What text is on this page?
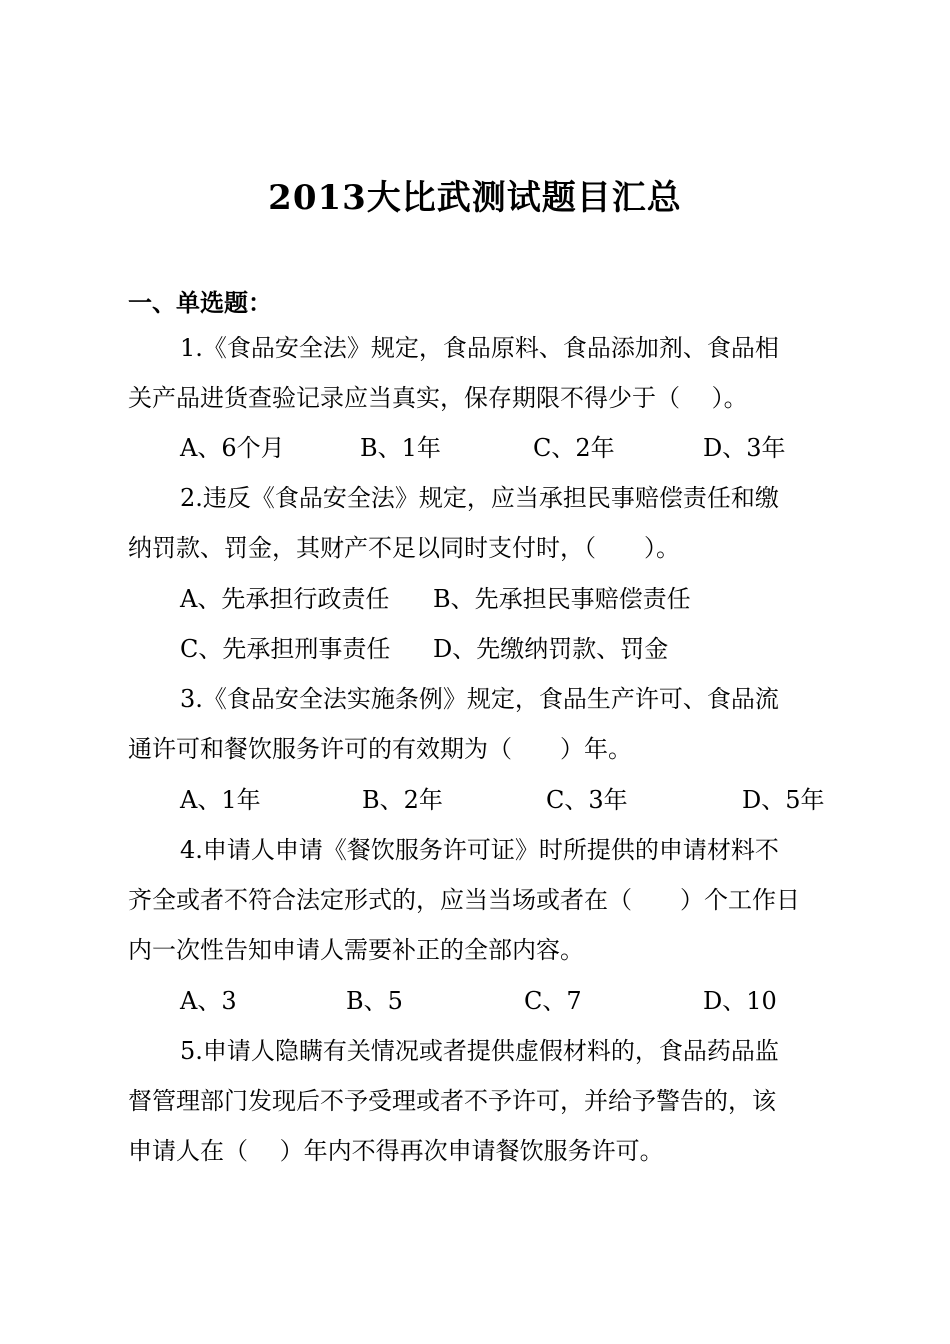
2013大比武测试题目汇总
一、单选题：
1.《食品安全法》规定，食品原料、食品添加剂、食品相
关产品进货查验记录应当真实，保存期限不得少于（　 ）。
A、6个月	B、1年	C、2年	D、3年
2.违反《食品安全法》规定，应当承担民事赔偿责任和缴
纳罚款、罚金，其财产不足以同时支付时，（　　）。
A、先承担行政责任 B、先承担民事赔偿责任
C、先承担刑事责任 D、先缴纳罚款、罚金
3.《食品安全法实施条例》规定，食品生产许可、食品流
通许可和餐饮服务许可的有效期为（　　）年。
A、1年	B、2年	C、3年	D、5年
4.申请人申请《餐饮服务许可证》时所提供的申请材料不
齐全或者不符合法定形式的，应当当场或者在（　　）个工作日
内一次性告知申请人需要补正的全部内容。
A、3	B、5	C、7	D、10
5.申请人隐瞒有关情况或者提供虚假材料的，食品药品监
督管理部门发现后不予受理或者不予许可，并给予警告的，该
申请人在（　 ）年内不得再次申请餐饮服务许可。
